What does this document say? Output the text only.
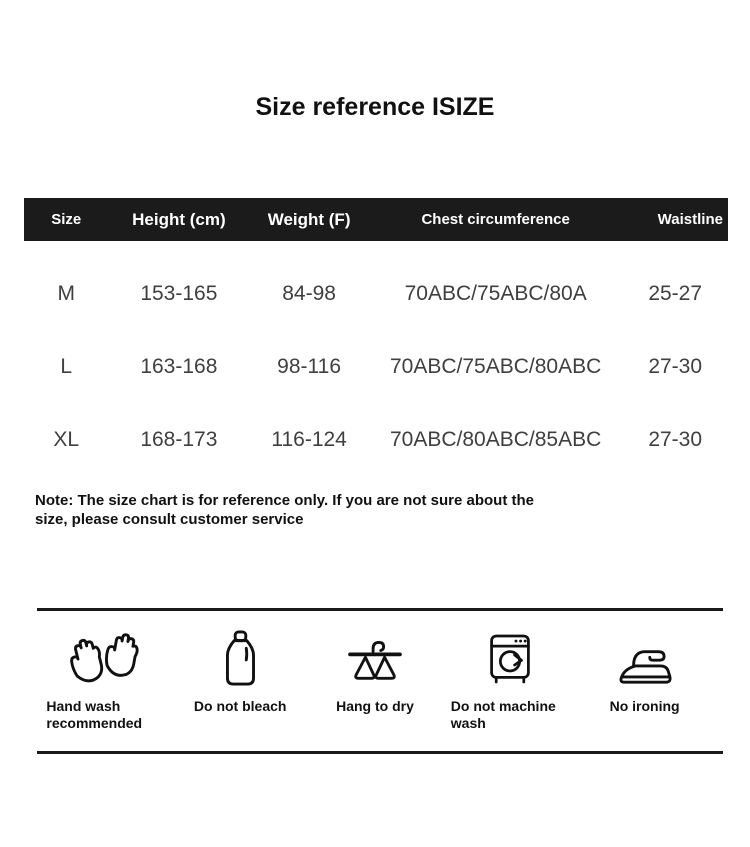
Size reference ISIZE
Size	Height (cm)	Weight (F)	Chest circumference	Waistline
M	153-165	84-98	70ABC/75ABC/80A	25-27
L	163-168	98-116	70ABC/75ABC/80ABC	27-30
XL	168-173	116-124	70ABC/80ABC/85ABC	27-30
Note: The size chart is for reference only. If you are not sure about the
size, please consult customer service
Hand wash recommended
Do not bleach	Hang to dry	Do not machine wash
No ironing
